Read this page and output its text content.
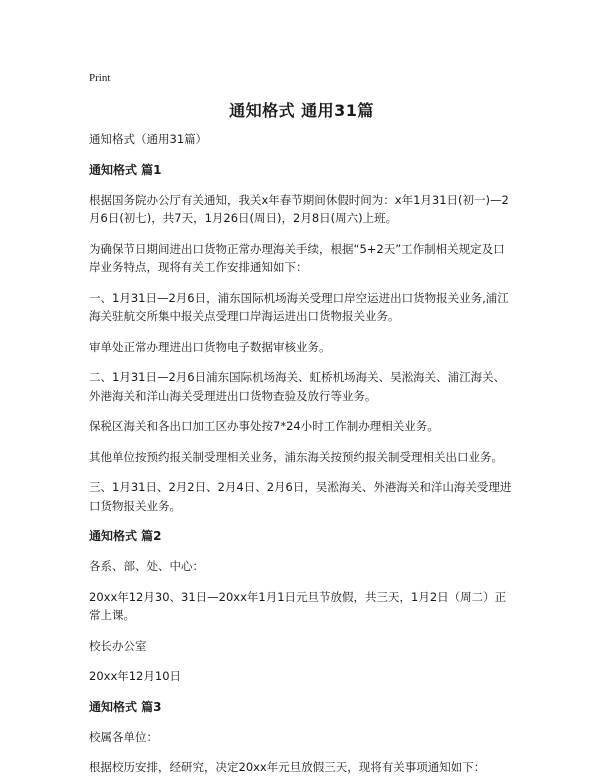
Print
通知格式 通用31篇
通知格式（通用31篇）
通知格式 篇1
根据国务院办公厅有关通知，我关x年春节期间休假时间为：x年1月31日(初一)—2月6日(初七)，共7天，1月26日(周日)，2月8日(周六)上班。
为确保节日期间进出口货物正常办理海关手续，根据“5+2天”工作制相关规定及口岸业务特点，现将有关工作安排通知如下：
一、1月31日—2月6日，浦东国际机场海关受理口岸空运进出口货物报关业务,浦江海关驻航交所集中报关点受理口岸海运进出口货物报关业务。
审单处正常办理进出口货物电子数据审核业务。
二、1月31日—2月6日浦东国际机场海关、虹桥机场海关、吴淞海关、浦江海关、外港海关和洋山海关受理进出口货物查验及放行等业务。
保税区海关和各出口加工区办事处按7*24小时工作制办理相关业务。
其他单位按预约报关制受理相关业务，浦东海关按预约报关制受理相关出口业务。
三、1月31日、2月2日、2月4日、2月6日，吴淞海关、外港海关和洋山海关受理进口货物报关业务。
通知格式 篇2
各系、部、处、中心：
20xx年12月30、31日—20xx年1月1日元旦节放假，共三天，1月2日（周二）正常上课。
校长办公室
20xx年12月10日
通知格式 篇3
校属各单位：
根据校历安排，经研究，决定20xx年元旦放假三天，现将有关事项通知如下：
